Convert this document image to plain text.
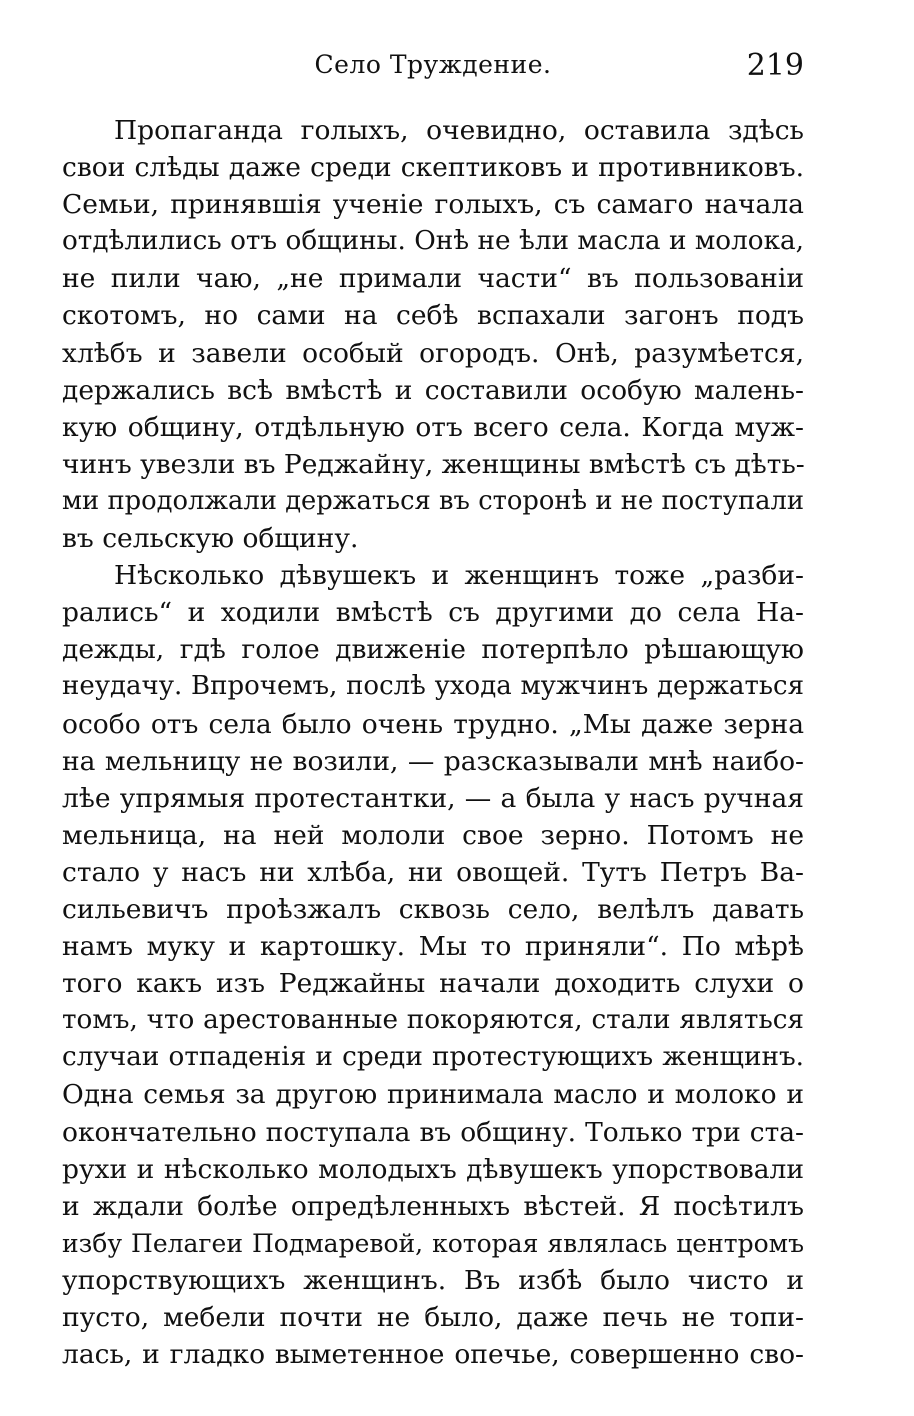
Село Труждение.	219
Пропаганда голыхъ, очевидно, оставила здѣсь
свои слѣды даже среди скептиковъ и противниковъ.
Семьи, принявшія ученіе голыхъ, съ самаго начала
отдѣлились отъ общины. Онѣ не ѣли масла и молока,
не пили чаю, „не примали части“ въ пользованіи
скотомъ, но сами на себѣ вспахали загонъ подъ
хлѣбъ и завели особый огородъ. Онѣ, разумѣется,
держались всѣ вмѣстѣ и составили особую малень-
кую общину, отдѣльную отъ всего села. Когда муж-
чинъ увезли въ Реджайну, женщины вмѣстѣ съ дѣть-
ми продолжали держаться въ сторонѣ и не поступали
въ сельскую общину.
Нѣсколько дѣвушекъ и женщинъ тоже „разби-
рались“ и ходили вмѣстѣ съ другими до села На-
дежды, гдѣ голое движеніе потерпѣло рѣшающую
неудачу. Впрочемъ, послѣ ухода мужчинъ держаться
особо отъ села было очень трудно. „Мы даже зерна
на мельницу не возили, — разсказывали мнѣ наибо-
лѣе упрямыя протестантки, — а была у насъ ручная
мельница, на ней мололи свое зерно. Потомъ не
стало у насъ ни хлѣба, ни овощей. Тутъ Петръ Ва-
сильевичъ проѣзжалъ сквозь село, велѣлъ давать
намъ муку и картошку. Мы то приняли“. По мѣрѣ
того какъ изъ Реджайны начали доходить слухи о
томъ, что арестованные покоряются, стали являться
случаи отпаденія и среди протестующихъ женщинъ.
Одна семья за другою принимала масло и молоко и
окончательно поступала въ общину. Только три ста-
рухи и нѣсколько молодыхъ дѣвушекъ упорствовали
и ждали болѣе опредѣленныхъ вѣстей. Я посѣтилъ
избу Пелагеи Подмаревой, которая являлась центромъ
упорствующихъ женщинъ. Въ избѣ было чисто и
пусто, мебели почти не было, даже печь не топи-
лась, и гладко выметенное опечье, совершенно сво-
